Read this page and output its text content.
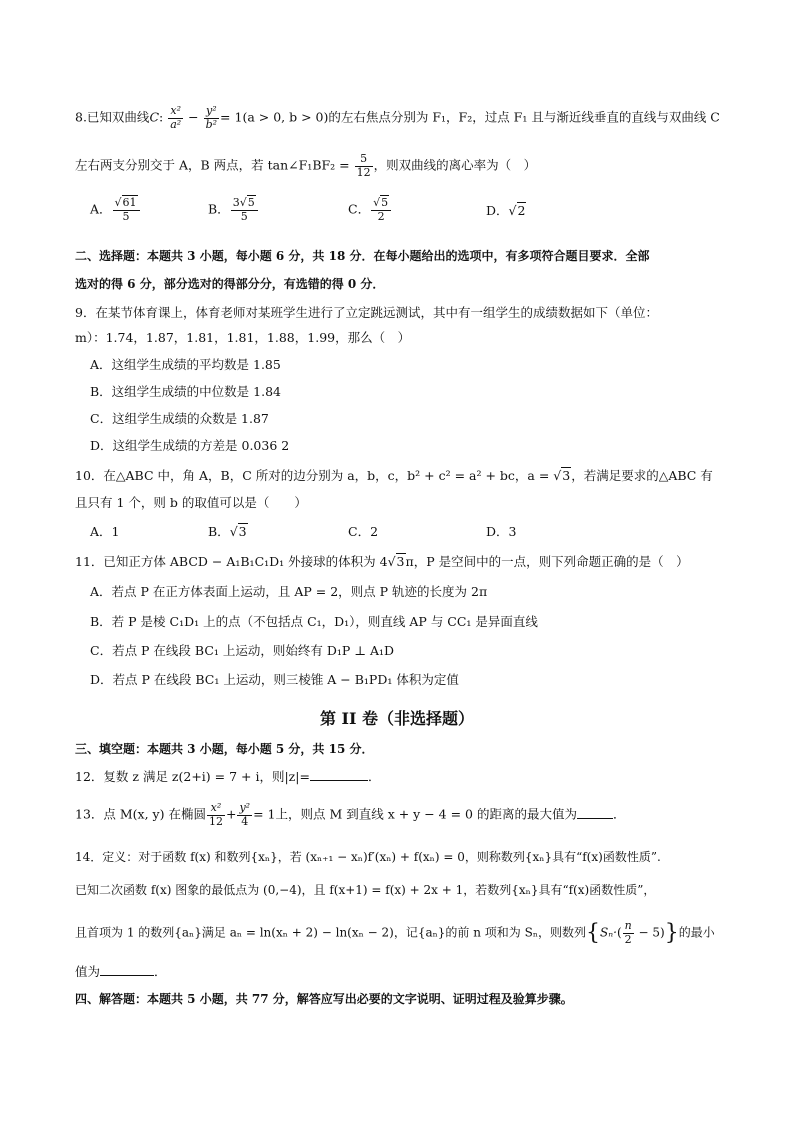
8.已知双曲线C: $\frac{\text{x²}}{\text{a²}} - \frac{\text{y²}}{\text{b²}} = 1(a > 0$, b > 0)的左右焦点分别为 F₁，F₂，过点 F₁ 且与渐近线垂直的直线与双曲线 C
左右两支分别交于 A，B 两点，若 tan∠F₁BF₂ = $\frac{5}{12}$ ，则双曲线的离心率为（　）
A． $\frac{√61}{5}$	B． $\frac{3√5}{5}$	C． $\frac{√5}{2}$	D．√2
二、选择题：本题共 3 小题，每小题 6 分，共 18 分．在每小题给出的选项中，有多项符合题目要求．全部
选对的得 6 分，部分选对的得部分分，有选错的得 0 分．
9．在某节体育课上，体育老师对某班学生进行了立定跳远测试，其中有一组学生的成绩数据如下（单位：
m）：1.74，1.87，1.81，1.81，1.88，1.99，那么（　）
A．这组学生成绩的平均数是 1.85
B．这组学生成绩的中位数是 1.84
C．这组学生成绩的众数是 1.87
D．这组学生成绩的方差是 0.036 2
10．在△ABC 中，角 A，B，C 所对的边分别为 a，b，c，b² + c² = a² + bc，a = √3，若满足要求的△ABC 有
且只有 1 个，则 b 的取值可以是（　　）
A．1	B．√3	C．2	D．3
11．已知正方体 ABCD − A₁B₁C₁D₁ 外接球的体积为 4√3π，P 是空间中的一点，则下列命题正确的是（　）
A．若点 P 在正方体表面上运动，且 AP = 2，则点 P 轨迹的长度为 2π
B．若 P 是棱 C₁D₁ 上的点（不包括点 C₁，D₁），则直线 AP 与 CC₁ 是异面直线
C．若点 P 在线段 BC₁ 上运动，则始终有 D₁P ⊥ A₁D
D．若点 P 在线段 BC₁ 上运动，则三棱锥 A − B₁PD₁ 体积为定值
第 II 卷（非选择题）
三、填空题：本题共 3 小题，每小题 5 分，共 15 分．
12．复数 z 满足 z(2+i) = 7 + i，则|z|=	．
13．点 M(x, y) 在椭圆 $\frac{\text{x²}}{12} + \frac{\text{y²}}{4} = 1$上，则点 M 到直线 x + y − 4 = 0 的距离的最大值为	．
14．定义：对于函数 f(x) 和数列{xₙ}，若 (xₙ₊₁ − xₙ)f′(xₙ) + f(xₙ) = 0，则称数列{xₙ}具有“f(x)函数性质”.
已知二次函数 f(x) 图象的最低点为 (0,−4)，且 f(x+1) = f(x) + 2x + 1，若数列{xₙ}具有“f(x)函数性质”，
且首项为 1 的数列{aₙ}满足 aₙ = ln(xₙ + 2) − ln(xₙ − 2)，记{aₙ}的前 n 项和为 Sₙ，则数列$\{S_n\cdot( \frac{n}{2} - 5)\}$的最小
值为	．
四、解答题：本题共 5 小题，共 77 分，解答应写出必要的文字说明、证明过程及验算步骤。
